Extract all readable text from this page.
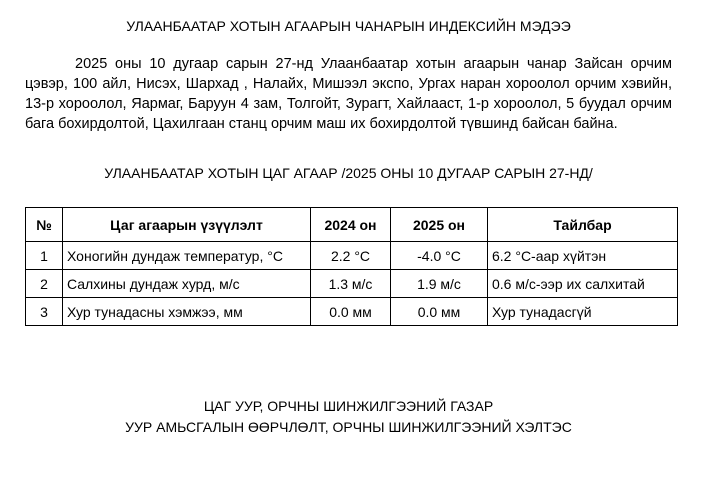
УЛААНБААТАР ХОТЫН АГААРЫН ЧАНАРЫН ИНДЕКСИЙН МЭДЭЭ
2025 оны 10 дугаар сарын 27-нд Улаанбаатар хотын агаарын чанар Зайсан орчим цэвэр, 100 айл, Нисэх, Шархад , Налайх, Мишээл экспо, Ургах наран хороолол орчим хэвийн, 13-р хороолол, Яармаг, Баруун 4 зам, Толгойт, Зурагт, Хайлааст, 1-р хороолол, 5 буудал орчим бага бохирдолтой, Цахилгаан станц орчим маш их бохирдолтой түвшинд байсан байна.
УЛААНБААТАР ХОТЫН ЦАГ АГААР /2025 ОНЫ 10 ДУГААР САРЫН 27-НД/
№	Цаг агаарын үзүүлэлт	2024 он	2025 он	Тайлбар
1	Хоногийн дундаж температур, °С	2.2 °С	-4.0 °С	6.2 °С-аар хүйтэн
2	Салхины дундаж хурд, м/с	1.3 м/с	1.9 м/с	0.6 м/с-ээр их салхитай
3	Хур тунадасны хэмжээ, мм	0.0 мм	0.0 мм	Хур тунадасгүй
ЦАГ УУР, ОРЧНЫ ШИНЖИЛГЭЭНИЙ ГАЗАР
УУР АМЬСГАЛЫН ӨӨРЧЛӨЛТ, ОРЧНЫ ШИНЖИЛГЭЭНИЙ ХЭЛТЭС
